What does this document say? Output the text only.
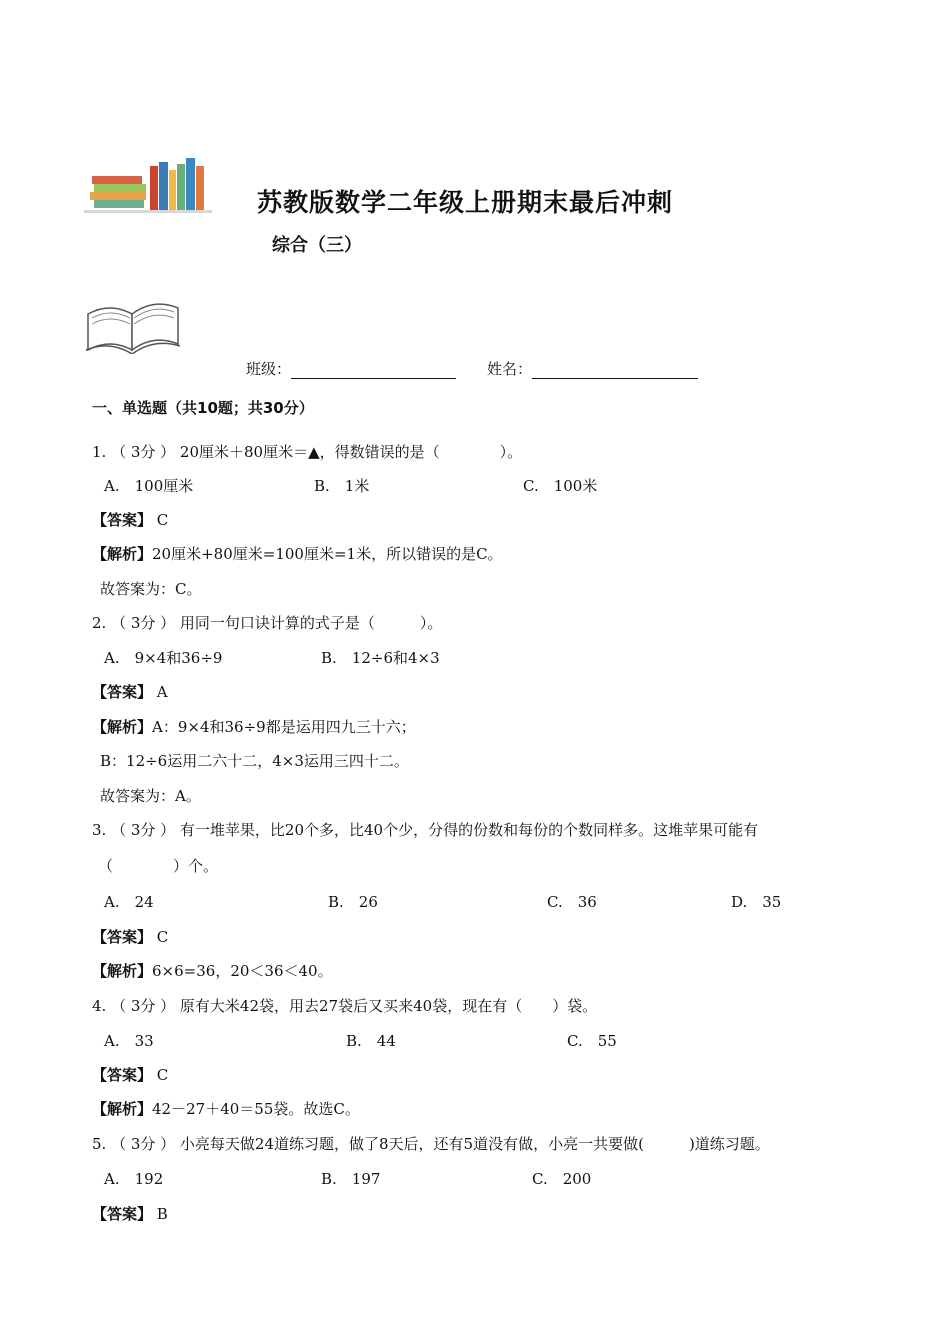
苏教版数学二年级上册期末最后冲刺
综合（三）
班级：	姓名：
一、单选题（共10题；共30分）
1. （ 3分 ） 20厘米＋80厘米＝▲，得数错误的是（　　　　）。
A.　100厘米	B.　1米	C.　100米
【答案】 C
【解析】20厘米+80厘米=100厘米=1米，所以错误的是C。
故答案为：C。
2. （ 3分 ） 用同一句口诀计算的式子是（　　　）。
A.　9×4和36÷9	B.　12÷6和4×3
【答案】 A
【解析】A：9×4和36÷9都是运用四九三十六；
B：12÷6运用二六十二，4×3运用三四十二。
故答案为：A。
3. （ 3分 ） 有一堆苹果，比20个多，比40个少，分得的份数和每份的个数同样多。这堆苹果可能有
（　　　　）个。
A.　24	B.　26	C.　36	D.　35
【答案】 C
【解析】6×6=36，20＜36＜40。
4. （ 3分 ） 原有大米42袋，用去27袋后又买来40袋，现在有（　　）袋。
A.　33	B.　44	C.　55
【答案】 C
【解析】42－27＋40＝55袋。故选C。
5. （ 3分 ） 小亮每天做24道练习题，做了8天后，还有5道没有做，小亮一共要做(　　　)道练习题。
A.　192	B.　197	C.　200
【答案】 B
